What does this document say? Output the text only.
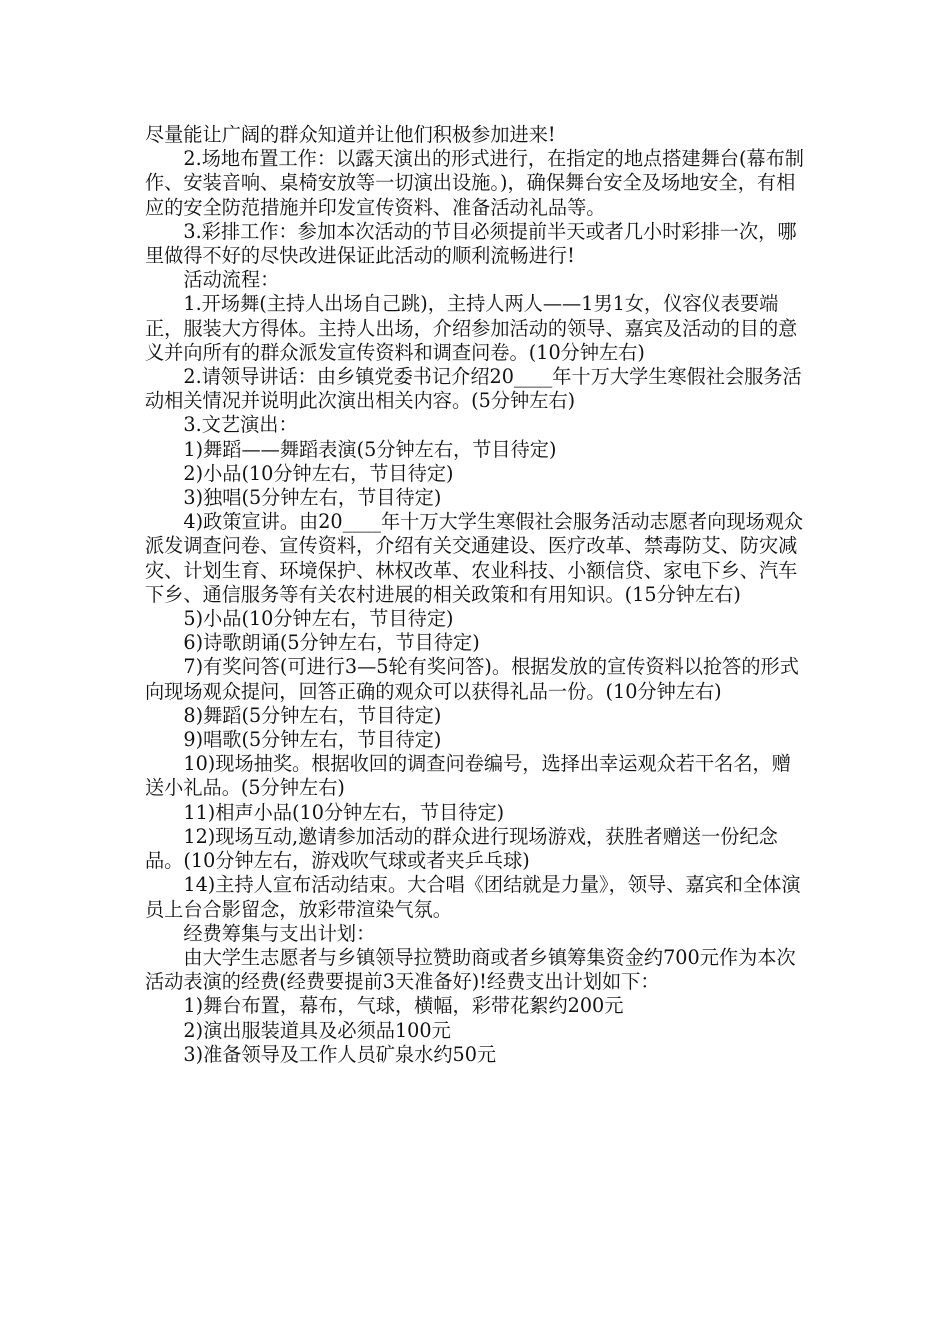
尽量能让广阔的群众知道并让他们积极参加进来!

2.场地布置工作：以露天演出的形式进行，在指定的地点搭建舞台(幕布制作、安装音响、桌椅安放等一切演出设施。)，确保舞台安全及场地安全，有相应的安全防范措施并印发宣传资料、准备活动礼品等。

3.彩排工作：参加本次活动的节目必须提前半天或者几小时彩排一次，哪里做得不好的尽快改进保证此活动的顺利流畅进行!

活动流程：

1.开场舞(主持人出场自己跳)，主持人两人——1男1女，仪容仪表要端正，服装大方得体。主持人出场，介绍参加活动的领导、嘉宾及活动的目的意义并向所有的群众派发宣传资料和调查问卷。(10分钟左右)

2.请领导讲话：由乡镇党委书记介绍20____年十万大学生寒假社会服务活动相关情况并说明此次演出相关内容。(5分钟左右)

3.文艺演出：

1)舞蹈——舞蹈表演(5分钟左右，节目待定)

2)小品(10分钟左右，节目待定)

3)独唱(5分钟左右，节目待定)

4)政策宣讲。由20____年十万大学生寒假社会服务活动志愿者向现场观众派发调查问卷、宣传资料，介绍有关交通建设、医疗改革、禁毒防艾、防灾减灾、计划生育、环境保护、林权改革、农业科技、小额信贷、家电下乡、汽车下乡、通信服务等有关农村进展的相关政策和有用知识。(15分钟左右)

5)小品(10分钟左右，节目待定)

6)诗歌朗诵(5分钟左右，节目待定)

7)有奖问答(可进行3—5轮有奖问答)。根据发放的宣传资料以抢答的形式向现场观众提问，回答正确的观众可以获得礼品一份。(10分钟左右)

8)舞蹈(5分钟左右，节目待定)

9)唱歌(5分钟左右，节目待定)

10)现场抽奖。根据收回的调查问卷编号，选择出幸运观众若干名名，赠送小礼品。(5分钟左右)

11)相声小品(10分钟左右，节目待定)

12)现场互动,邀请参加活动的群众进行现场游戏，获胜者赠送一份纪念品。(10分钟左右，游戏吹气球或者夹乒乓球)

14)主持人宣布活动结束。大合唱《团结就是力量》，领导、嘉宾和全体演员上台合影留念，放彩带渲染气氛。

经费筹集与支出计划：

由大学生志愿者与乡镇领导拉赞助商或者乡镇筹集资金约700元作为本次活动表演的经费(经费要提前3天准备好)!经费支出计划如下：

1)舞台布置，幕布，气球，横幅，彩带花絮约200元

2)演出服装道具及必须品100元

3)准备领导及工作人员矿泉水约50元
